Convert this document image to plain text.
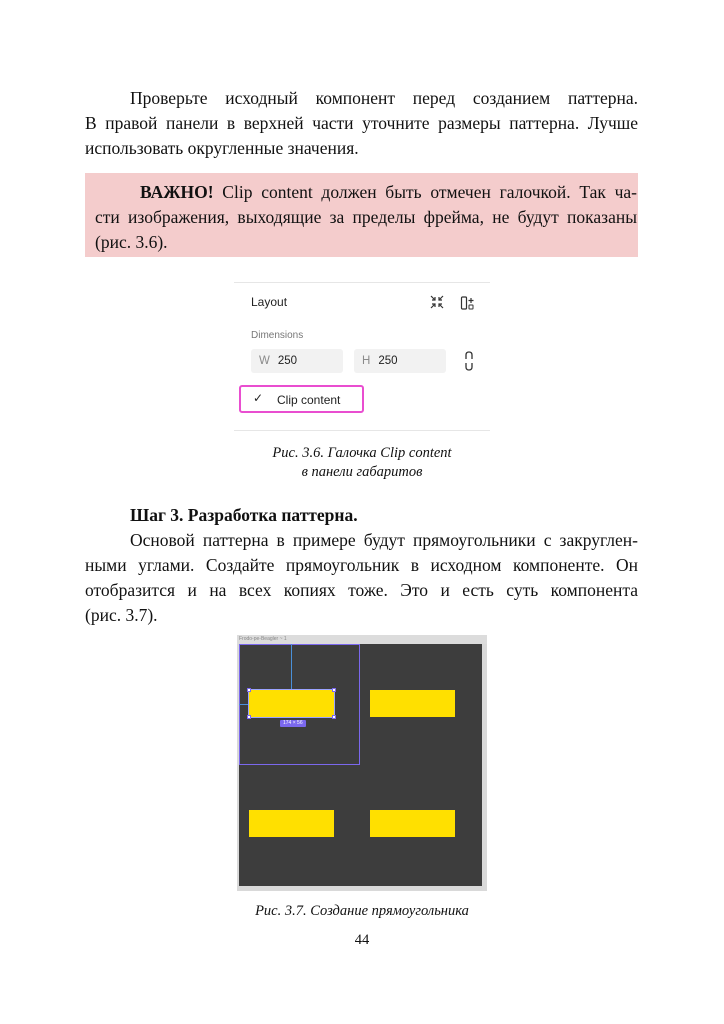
Проверьте исходный компонент перед созданием паттерна.
В правой панели в верхней части уточните размеры паттерна. Лучше
использовать округленные значения.
ВАЖНО! Clip content должен быть отмечен галочкой. Так ча-
сти изображения, выходящие за пределы фрейма, не будут показаны
(рис. 3.6).
Layout
Dimensions
W 250	H 250
✓ Clip content
Рис. 3.6. Галочка Clip content
в панели габаритов
Шаг 3. Разработка паттерна.
Основой паттерна в примере будут прямоугольники с закруглен-
ными углами. Создайте прямоугольник в исходном компоненте. Он
отобразится и на всех копиях тоже. Это и есть суть компонента
(рис. 3.7).
Frodo-pe-Beagler ~ 1
174 × 56
Рис. 3.7. Создание прямоугольника
44
